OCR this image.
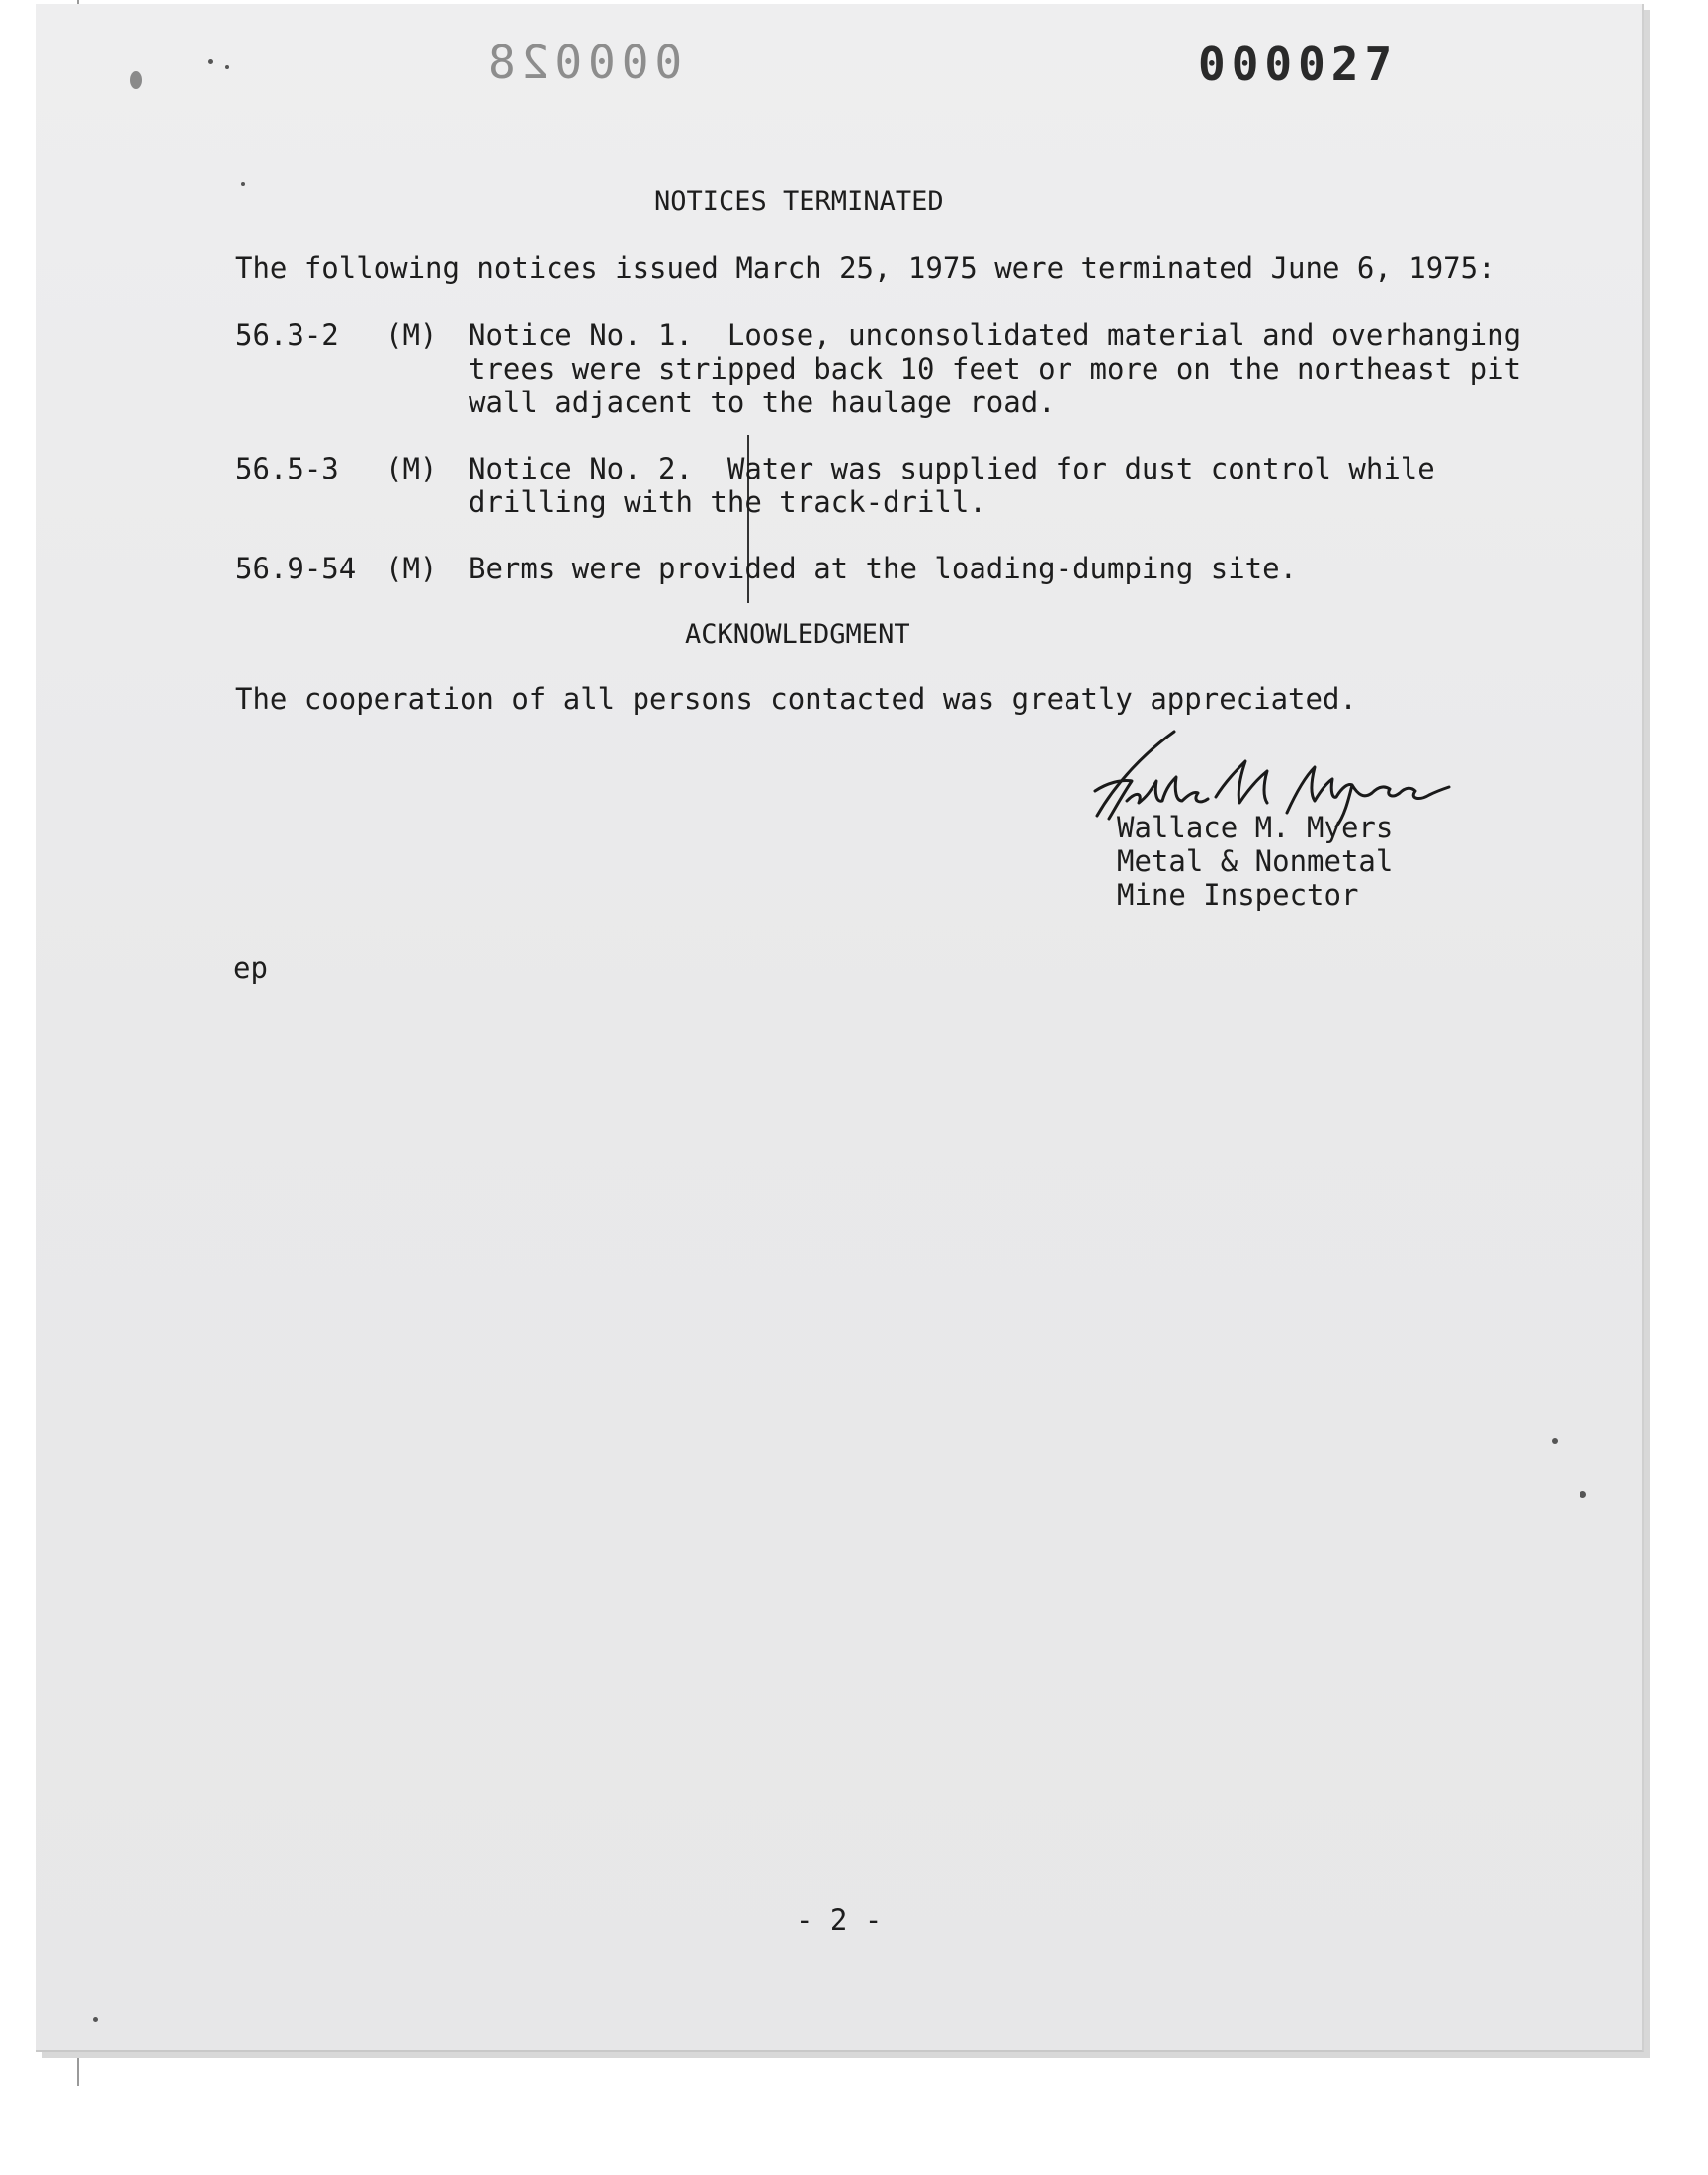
000028	000027
NOTICES TERMINATED
The following notices issued March 25, 1975 were terminated June 6, 1975:
56.3-2 (M) Notice No. 1.  Loose, unconsolidated material and overhanging
trees were stripped back 10 feet or more on the northeast pit
wall adjacent to the haulage road.
56.5-3 (M) Notice No. 2.  Water was supplied for dust control while
drilling with the track-drill.
56.9-54 (M) Berms were provided at the loading-dumping site.
ACKNOWLEDGMENT
The cooperation of all persons contacted was greatly appreciated.
Wallace M. Myers
Metal & Nonmetal
Mine Inspector
ep
- 2 -
